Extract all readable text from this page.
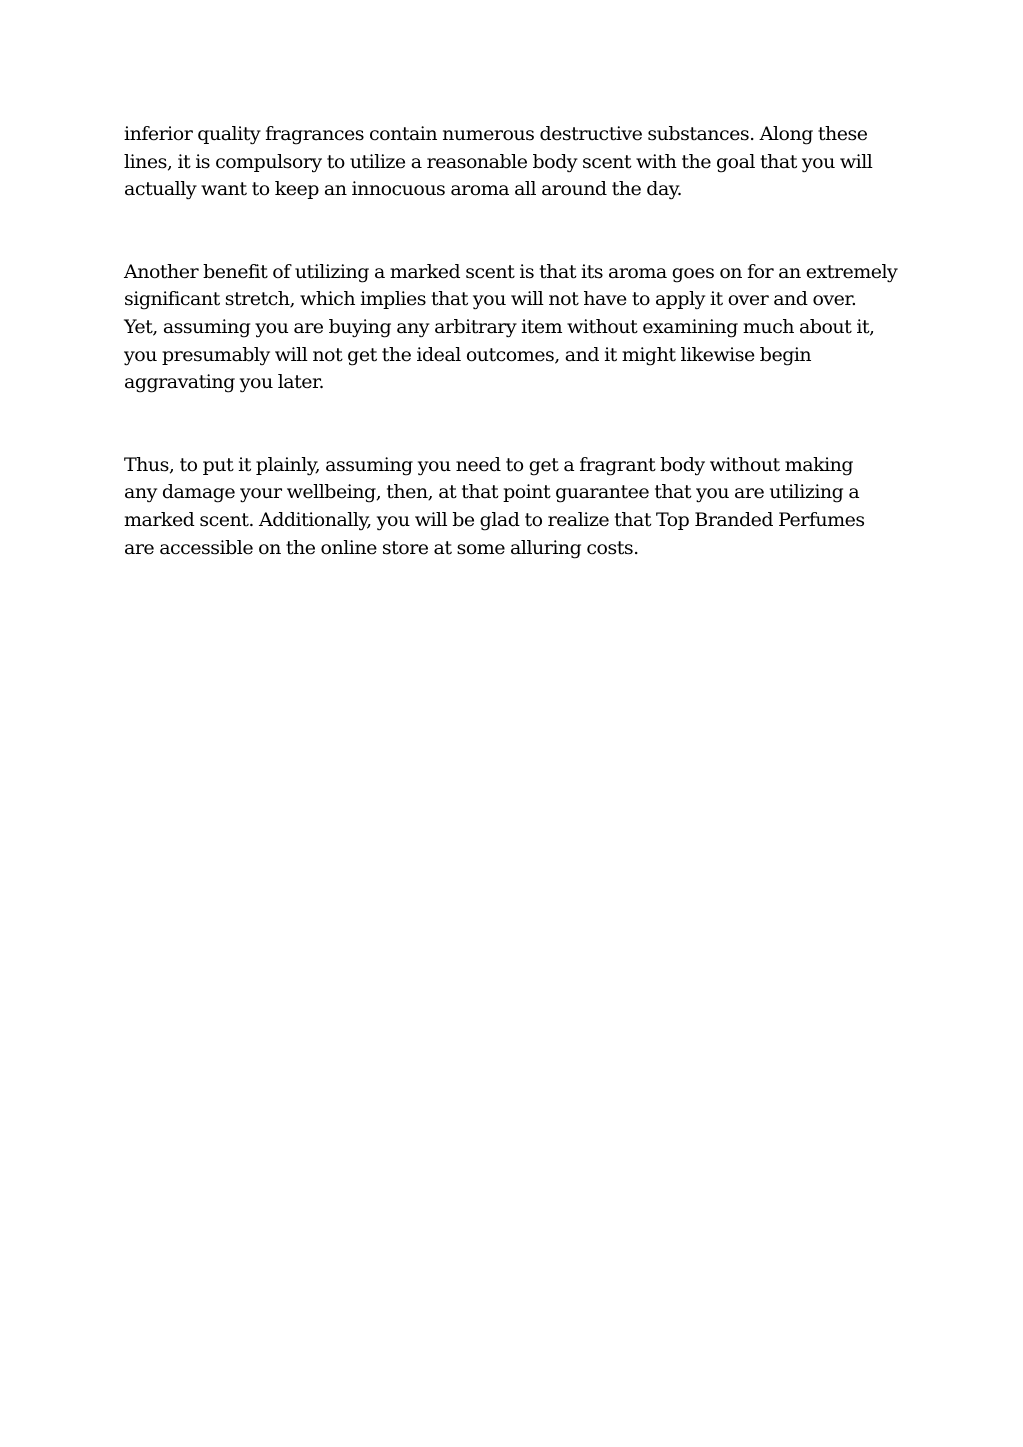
inferior quality fragrances contain numerous destructive substances. Along these
lines, it is compulsory to utilize a reasonable body scent with the goal that you will
actually want to keep an innocuous aroma all around the day.

Another benefit of utilizing a marked scent is that its aroma goes on for an extremely
significant stretch, which implies that you will not have to apply it over and over.
Yet, assuming you are buying any arbitrary item without examining much about it,
you presumably will not get the ideal outcomes, and it might likewise begin
aggravating you later.

Thus, to put it plainly, assuming you need to get a fragrant body without making
any damage your wellbeing, then, at that point guarantee that you are utilizing a
marked scent. Additionally, you will be glad to realize that Top Branded Perfumes
are accessible on the online store at some alluring costs.
